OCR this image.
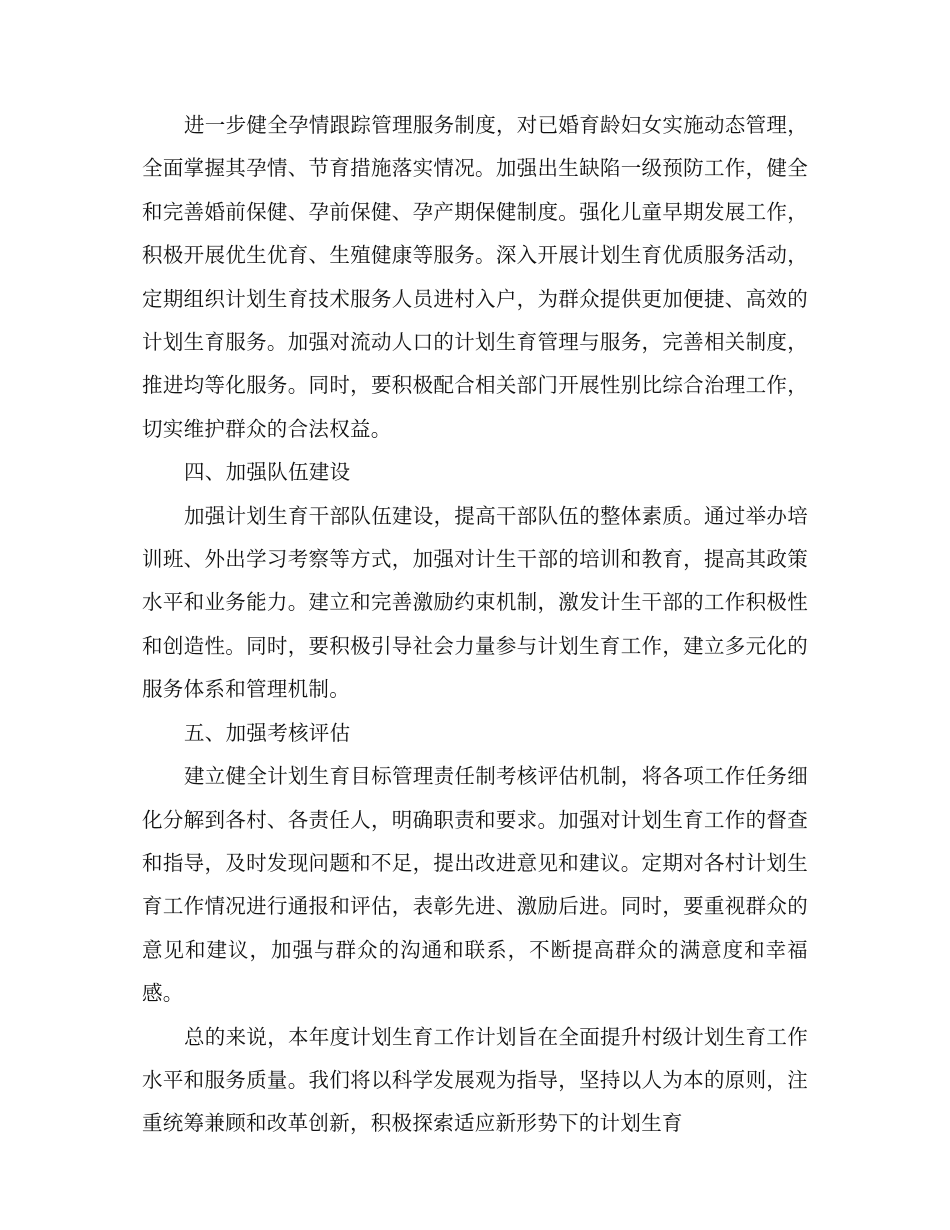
进一步健全孕情跟踪管理服务制度，对已婚育龄妇女实施动态管理，全面掌握其孕情、节育措施落实情况。加强出生缺陷一级预防工作，健全和完善婚前保健、孕前保健、孕产期保健制度。强化儿童早期发展工作，积极开展优生优育、生殖健康等服务。深入开展计划生育优质服务活动，定期组织计划生育技术服务人员进村入户，为群众提供更加便捷、高效的计划生育服务。加强对流动人口的计划生育管理与服务，完善相关制度，推进均等化服务。同时，要积极配合相关部门开展性别比综合治理工作，切实维护群众的合法权益。

四、加强队伍建设

加强计划生育干部队伍建设，提高干部队伍的整体素质。通过举办培训班、外出学习考察等方式，加强对计生干部的培训和教育，提高其政策水平和业务能力。建立和完善激励约束机制，激发计生干部的工作积极性和创造性。同时，要积极引导社会力量参与计划生育工作，建立多元化的服务体系和管理机制。

五、加强考核评估

建立健全计划生育目标管理责任制考核评估机制，将各项工作任务细化分解到各村、各责任人，明确职责和要求。加强对计划生育工作的督查和指导，及时发现问题和不足，提出改进意见和建议。定期对各村计划生育工作情况进行通报和评估，表彰先进、激励后进。同时，要重视群众的意见和建议，加强与群众的沟通和联系，不断提高群众的满意度和幸福感。

总的来说，本年度计划生育工作计划旨在全面提升村级计划生育工作水平和服务质量。我们将以科学发展观为指导，坚持以人为本的原则，注重统筹兼顾和改革创新，积极探索适应新形势下的计划生育
